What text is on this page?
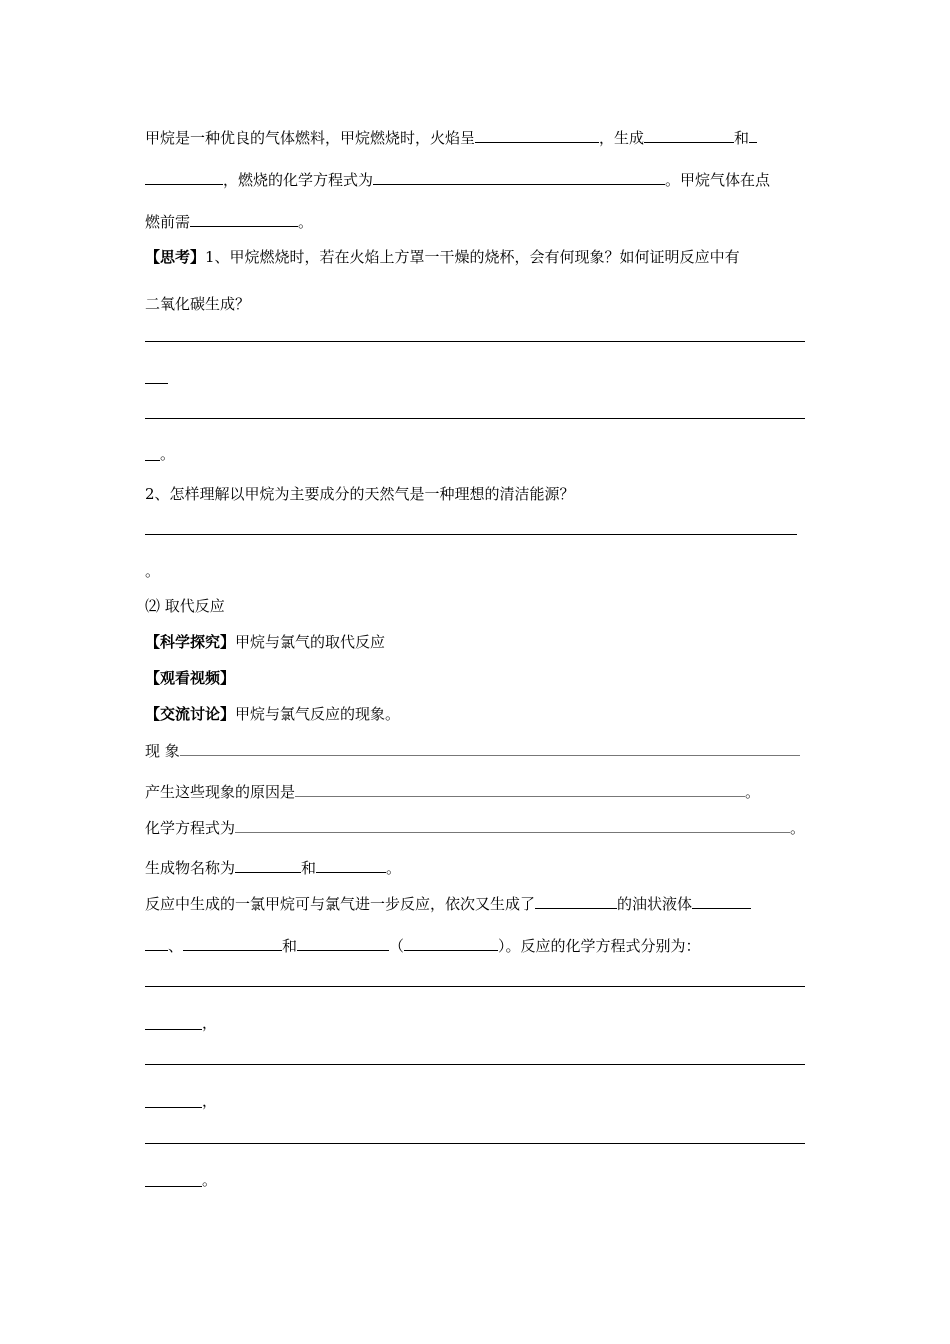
甲烷是一种优良的气体燃料，甲烷燃烧时，火焰呈	，生成	和
，燃烧的化学方程式为	。甲烷气体在点
燃前需	。
【思考】1、甲烷燃烧时，若在火焰上方罩一干燥的烧杯，会有何现象？如何证明反应中有
二氧化碳生成？
。
2、怎样理解以甲烷为主要成分的天然气是一种理想的清洁能源？
。
⑵ 取代反应
【科学探究】甲烷与氯气的取代反应
【观看视频】
【交流讨论】甲烷与氯气反应的现象。
现 象
产生这些现象的原因是	。
化学方程式为	。
生成物名称为	和	。
反应中生成的一氯甲烷可与氯气进一步反应，依次又生成了	的油状液体
、	和	（	）。反应的化学方程式分别为：
，
，
。
